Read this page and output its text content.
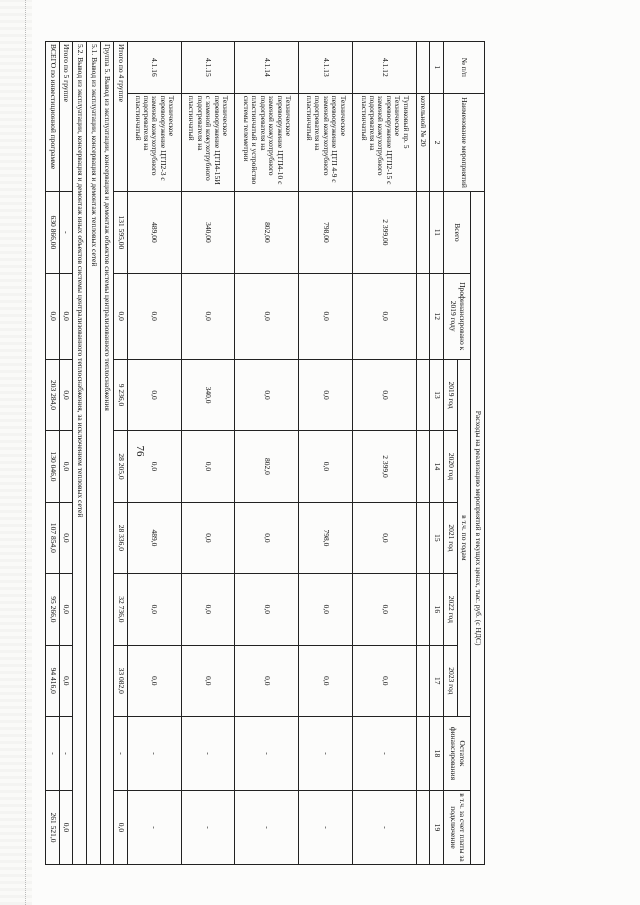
76
№ п/п	Наименование мероприятий	Расходы на реализацию мероприятий в текущих ценах, тыс. руб. (с НДС)								
		Всего	Профинансировано к 2019 году	в т.ч. по годам					Остаток финансирования	в т.ч. за счет платы за подключение
				2019 год	2020 год	2021 год	2022 год	2023 год		
1	2	11	12	13	14	15	16	17	18	19
	котельной № 20									
4.1.12	Тупиковый пр. 5 Техническое перевооружение ЦТП2-15 с заменой кожухотрубного подогревателя на пластинчатый	2 399,00	0,0	0,0	2 399,0	0,0	0,0	0,0	-	-
4.1.13	Техническое перевооружение ЦТП 4-9 с заменой кожухотрубного подогревателя на пластинчатый	798,00	0,0	0,0	0,0	798,0	0,0	0,0	-	-
4.1.14	Техническое перевооружение ЦТП4-10 с заменой кожухотрубного подогревателя на пластинчатый и устройство системы телеметрии	802,00	0,0	0,0	802,0	0,0	0,0	0,0	-	-
4.1.15	Техническое перевооружение ЦТП4-15И с заменой кожухотрубного подогревателя на пластинчатый	340,00	0,0	340,0	0,0	0,0	0,0	0,0	-	-
4.1.16	Техническое перевооружение ЦТП2-3 с заменой кожухотрубного подогревателя на пластинчатый	489,00	0,0	0,0	0,0	489,0	0,0	0,0	-	-
Итого по 4 группе		131 595,00	0,0	9 236,0	28 205,0	28 336,0	32 736,0	33 082,0	-	0,0
Группа 5. Вывод из эксплуатации, консервация и демонтаж объектов системы централизованного теплоснабжения										
5.1. Вывод из эксплуатации, консервация и демонтаж тепловых сетей										
5.2. Вывод из эксплуатации, консервация и демонтаж иных объектов системы централизованного теплоснабжения, за исключением тепловых сетей										
Итого по 5 группе		-	0,0	0,0	0,0	0,0	0,0	0,0	-	0,0
ВСЕГО по инвестиционной программе		630 866,00	0,0	203 284,0	130 046,0	107 854,0	95 266,0	94 416,0	-	261 521,0
